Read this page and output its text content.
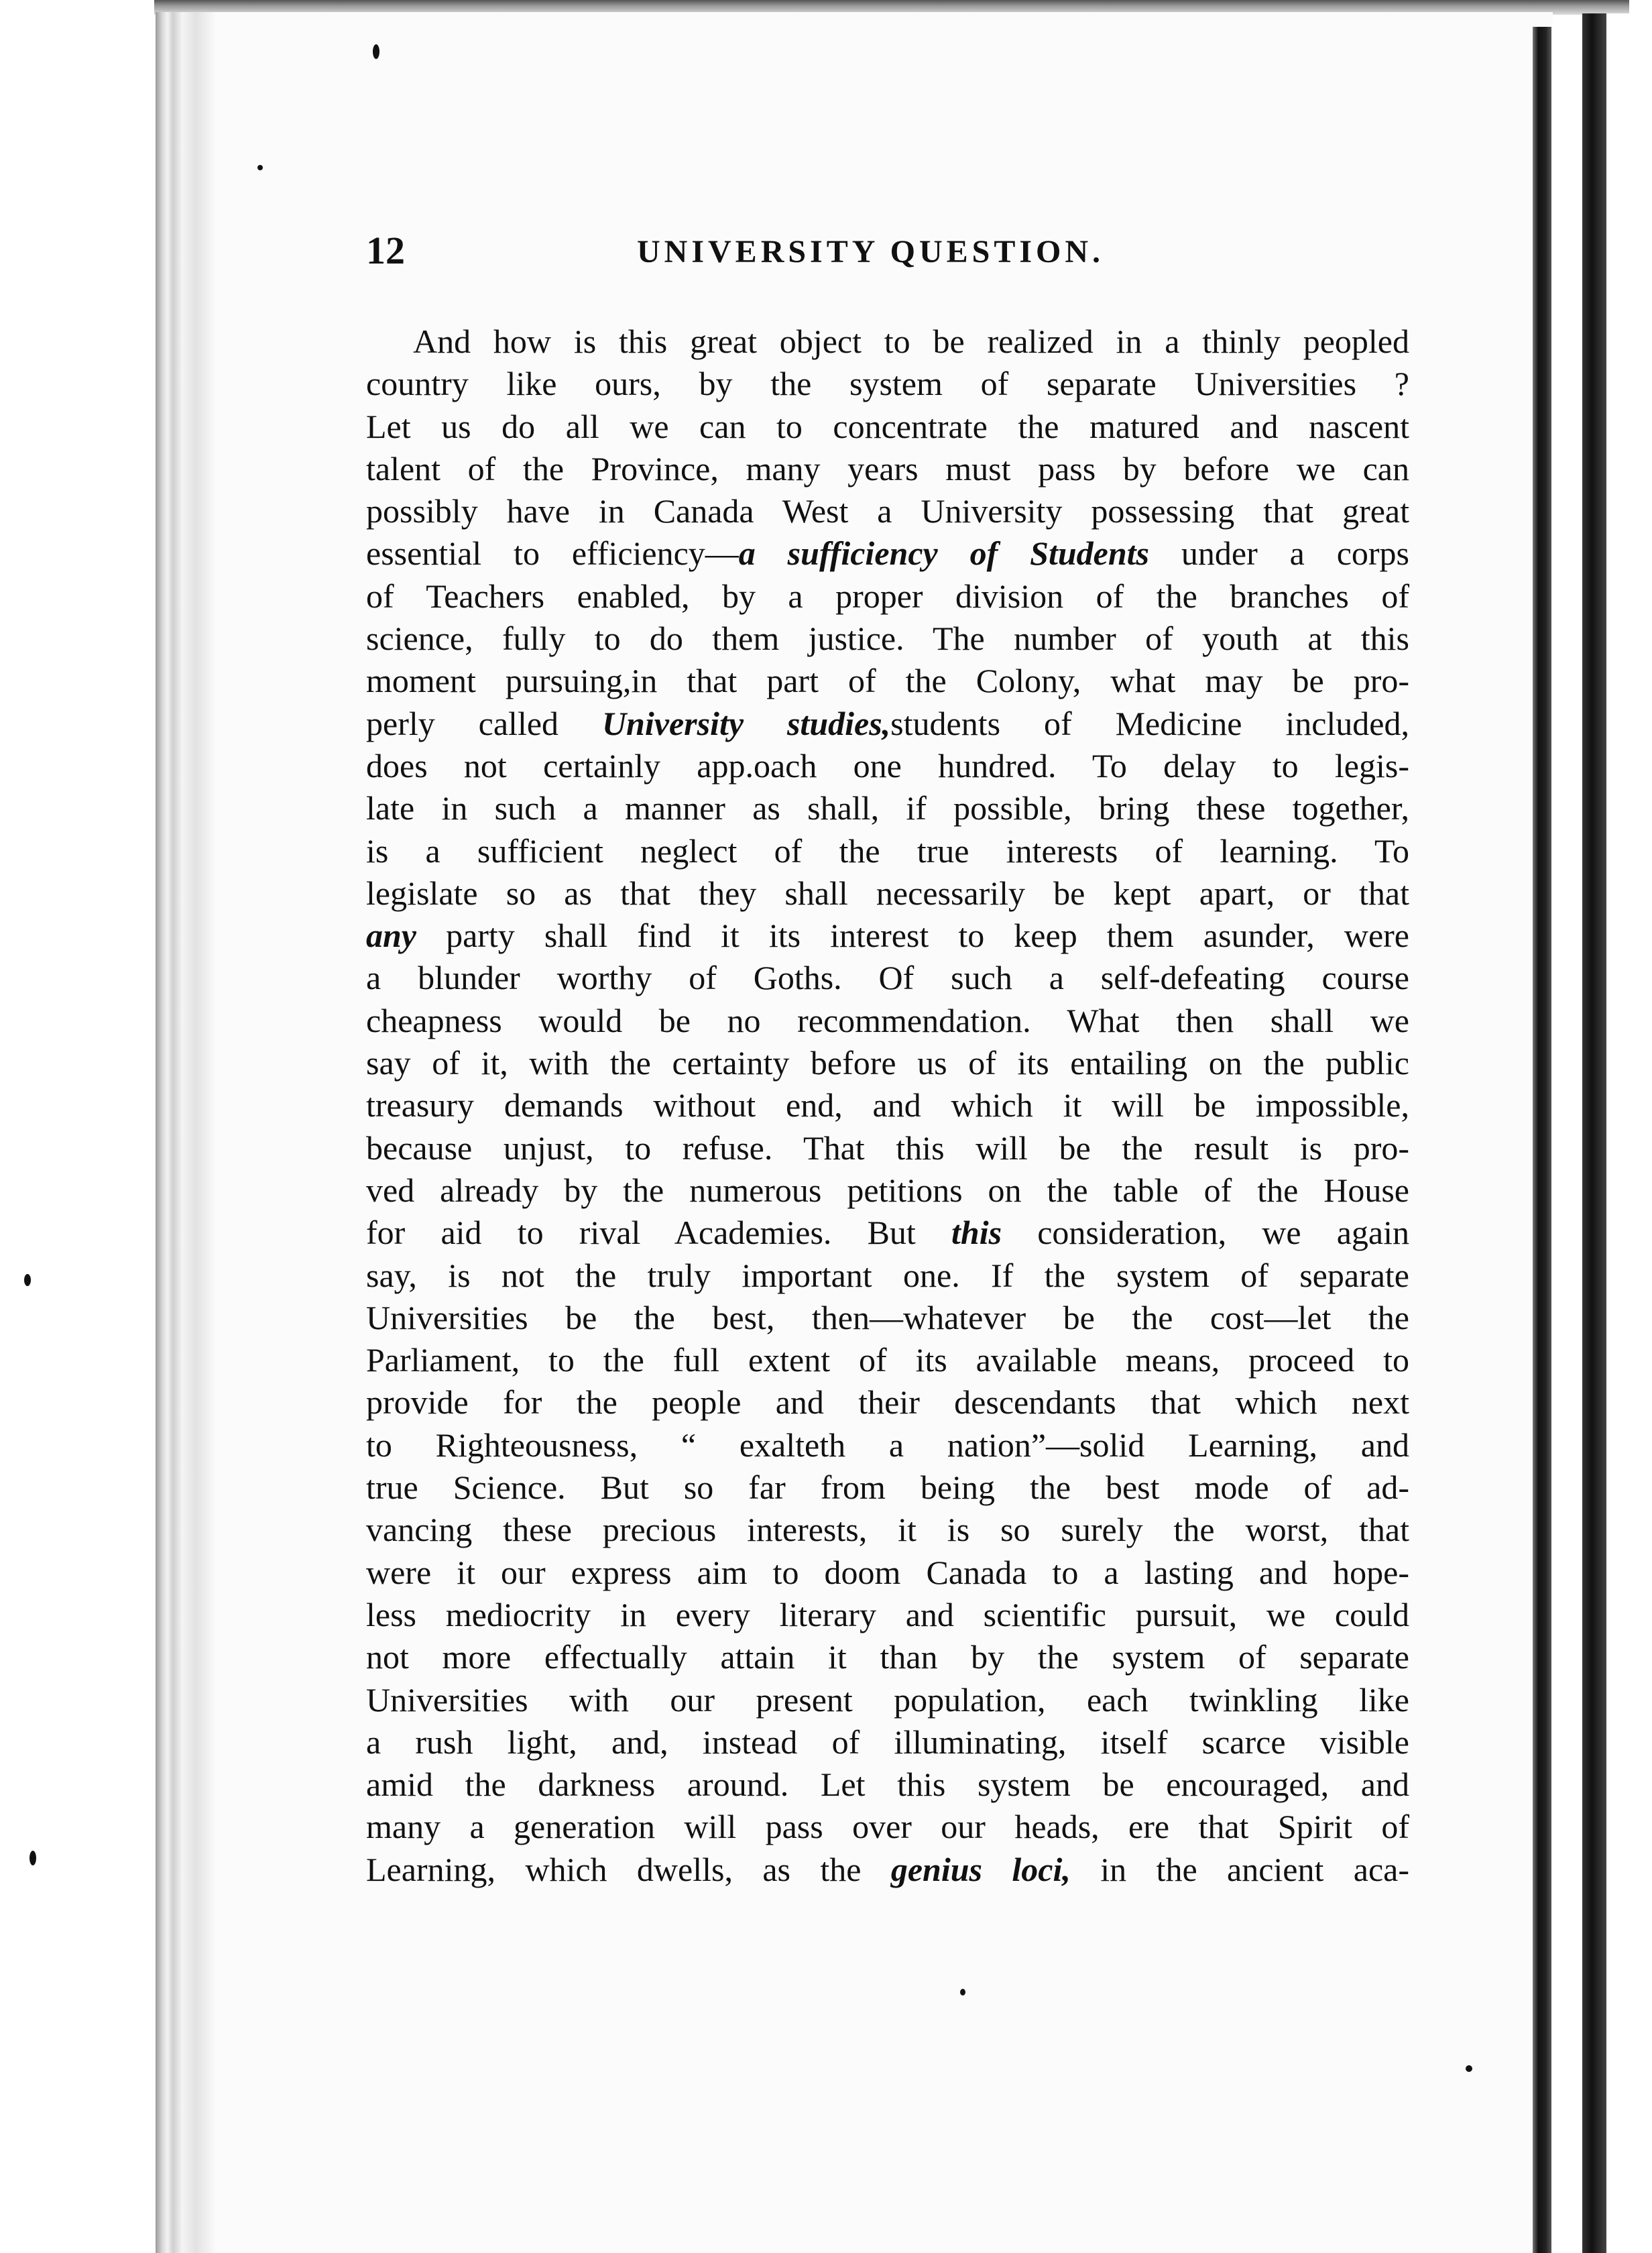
12	UNIVERSITY QUESTION.
And how is this great object to be realized in a thinly peopled
country like ours, by the system of separate Universities ?
Let us do all we can to concentrate the matured and nascent
talent of the Province, many years must pass by before we can
possibly have in Canada West a University possessing that great
essential to efficiency—a sufficiency of Students under a corps
of Teachers enabled, by a proper division of the branches of
science, fully to do them justice. The number of youth at this
moment pursuing,in that part of the Colony, what may be pro-
perly called University studies,students of Medicine included,
does not certainly app.oach one hundred. To delay to legis-
late in such a manner as shall, if possible, bring these together,
is a sufficient neglect of the true interests of learning. To
legislate so as that they shall necessarily be kept apart, or that
any party shall find it its interest to keep them asunder, were
a blunder worthy of Goths. Of such a self-defeating course
cheapness would be no recommendation. What then shall we
say of it, with the certainty before us of its entailing on the public
treasury demands without end, and which it will be impossible,
because unjust, to refuse. That this will be the result is pro-
ved already by the numerous petitions on the table of the House
for aid to rival Academies. But this consideration, we again
say, is not the truly important one. If the system of separate
Universities be the best, then—whatever be the cost—let the
Parliament, to the full extent of its available means, proceed to
provide for the people and their descendants that which next
to Righteousness, “ exalteth a nation”—solid Learning, and
true Science. But so far from being the best mode of ad-
vancing these precious interests, it is so surely the worst, that
were it our express aim to doom Canada to a lasting and hope-
less mediocrity in every literary and scientific pursuit, we could
not more effectually attain it than by the system of separate
Universities with our present population, each twinkling like
a rush light, and, instead of illuminating, itself scarce visible
amid the darkness around. Let this system be encouraged, and
many a generation will pass over our heads, ere that Spirit of
Learning, which dwells, as the genius loci, in the ancient aca-
